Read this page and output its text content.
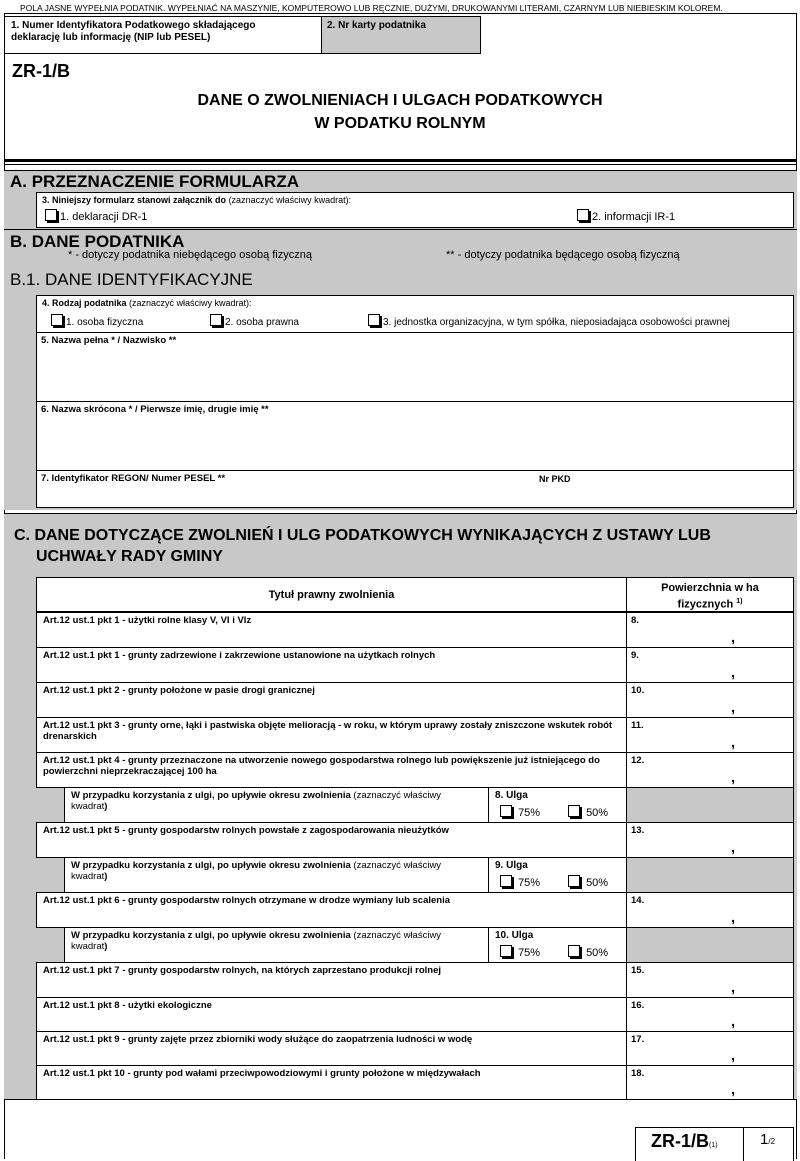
POLA JASNE WYPEŁNIA PODATNIK. WYPEŁNIAĆ NA MASZYNIE, KOMPUTEROWO LUB RĘCZNIE, DUŻYMI, DRUKOWANYMI LITERAMI, CZARNYM LUB NIEBIESKIM KOLOREM.
1. Numer Identyfikatora Podatkowego składającego
deklarację lub informację (NIP lub PESEL)
2. Nr karty podatnika
ZR-1/B
DANE O ZWOLNIENIACH I ULGACH PODATKOWYCH
W PODATKU ROLNYM
A. PRZEZNACZENIE FORMULARZA
3. Niniejszy formularz stanowi załącznik do (zaznaczyć właściwy kwadrat):
1. deklaracji DR-1	2. informacji IR-1
B. DANE PODATNIKA
* - dotyczy podatnika niebędącego osobą fizyczną	** - dotyczy podatnika będącego osobą fizyczną
B.1. DANE IDENTYFIKACYJNE
4. Rodzaj podatnika (zaznaczyć właściwy kwadrat):
1. osoba fizyczna	2. osoba prawna	3. jednostka organizacyjna, w tym spółka, nieposiadająca osobowości prawnej
5. Nazwa pełna * / Nazwisko **
6. Nazwa skrócona * / Pierwsze imię, drugie imię **
7. Identyfikator REGON/ Numer PESEL **	Nr PKD
C. DANE DOTYCZĄCE ZWOLNIEŃ I ULG PODATKOWYCH WYNIKAJĄCYCH Z USTAWY LUB
UCHWAŁY RADY GMINY
Tytuł prawny zwolnienia
Powierzchnia w ha
fizycznych $^{1)}$
Art.12 ust.1 pkt 1 - użytki rolne klasy V, VI i VIz	8.
,
Art.12 ust.1 pkt 1 - grunty zadrzewione i zakrzewione ustanowione na użytkach rolnych	9.
,
Art.12 ust.1 pkt 2 - grunty położone w pasie drogi granicznej	10.
,
Art.12 ust.1 pkt 3 - grunty orne, łąki i pastwiska objęte melioracją - w roku, w którym uprawy zostały zniszczone wskutek robót drenarskich
11.
,
Art.12 ust.1 pkt 4 - grunty przeznaczone na utworzenie nowego gospodarstwa rolnego lub powiększenie już istniejącego do powierzchni nieprzekraczającej 100 ha
12.
,
W przypadku korzystania z ulgi, po upływie okresu zwolnienia (zaznaczyć właściwy
kwadrat)
8. Ulga
75%	50%
Art.12 ust.1 pkt 5 - grunty gospodarstw rolnych powstałe z zagospodarowania nieużytków	13.
,
W przypadku korzystania z ulgi, po upływie okresu zwolnienia (zaznaczyć właściwy
kwadrat)
9. Ulga
75%	50%
Art.12 ust.1 pkt 6 - grunty gospodarstw rolnych otrzymane w drodze wymiany lub scalenia	14.
,
W przypadku korzystania z ulgi, po upływie okresu zwolnienia (zaznaczyć właściwy
kwadrat)
10. Ulga
75%	50%
Art.12 ust.1 pkt 7 - grunty gospodarstw rolnych, na których zaprzestano produkcji rolnej	15.
,
Art.12 ust.1 pkt 8 - użytki ekologiczne	16.
,
Art.12 ust.1 pkt 9 - grunty zajęte przez zbiorniki wody służące do zaopatrzenia ludności w wodę	17.
,
Art.12 ust.1 pkt 10 - grunty pod wałami przeciwpowodziowymi i grunty położone w międzywałach	18.
,
ZR-1/B(1)	1/2
